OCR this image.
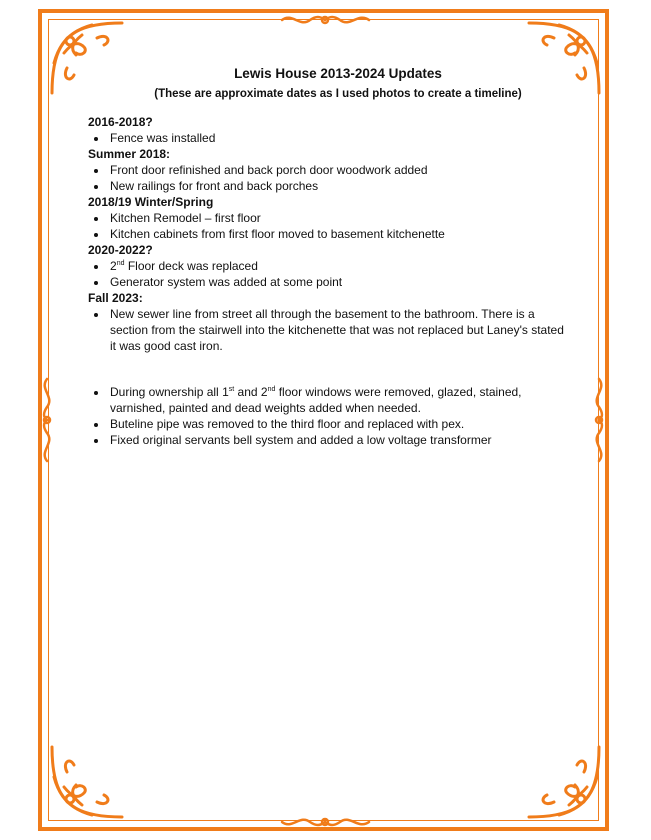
Lewis House 2013-2024 Updates
(These are approximate dates as I used photos to create a timeline)
2016-2018?
• Fence was installed
Summer 2018:
• Front door refinished and back porch door woodwork added
• New railings for front and back porches
2018/19 Winter/Spring
• Kitchen Remodel – first floor
• Kitchen cabinets from first floor moved to basement kitchenette
2020-2022?
• 2nd Floor deck was replaced
• Generator system was added at some point
Fall 2023:
• New sewer line from street all through the basement to the bathroom. There is a section from the stairwell into the kitchenette that was not replaced but Laney's stated it was good cast iron.
• During ownership all 1st and 2nd floor windows were removed, glazed, stained, varnished, painted and dead weights added when needed.
• Buteline pipe was removed to the third floor and replaced with pex.
• Fixed original servants bell system and added a low voltage transformer
